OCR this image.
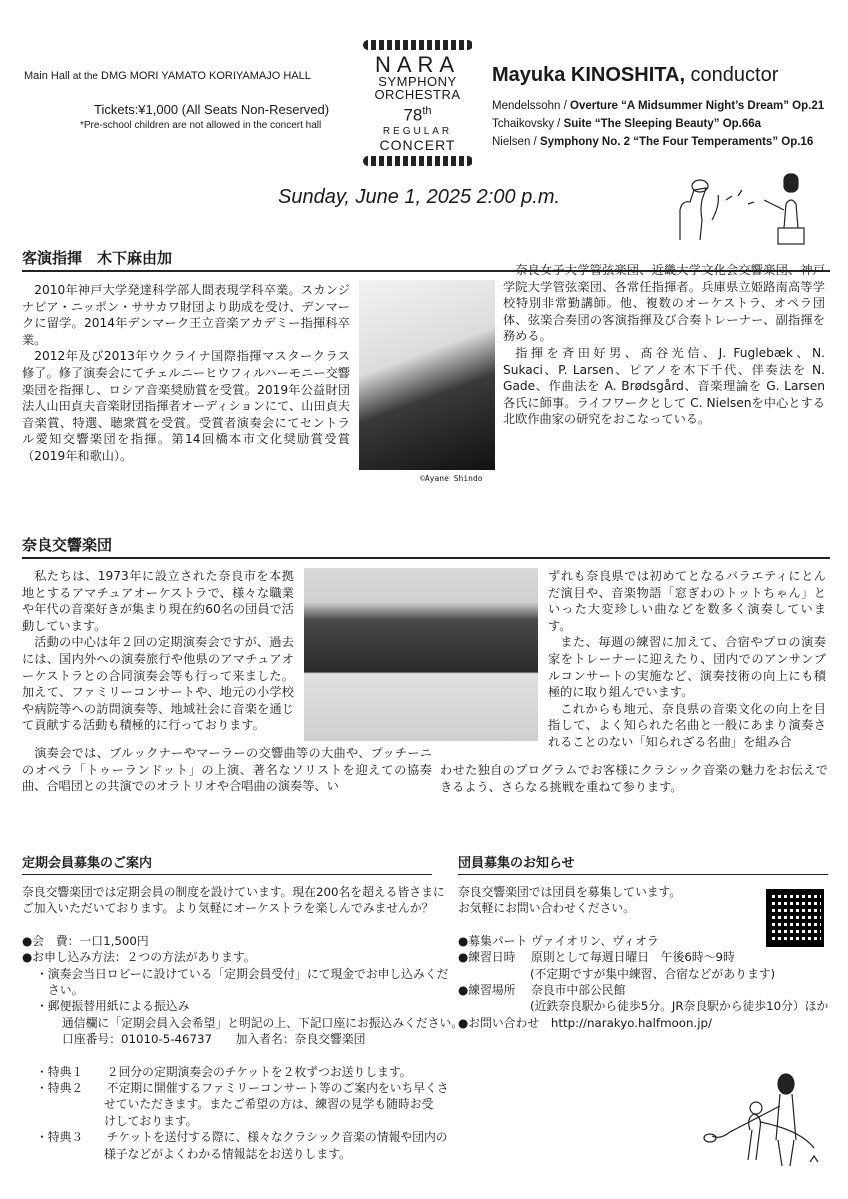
Main Hall at the DMG MORI YAMATO KORIYAMAJO HALL
Tickets:¥1,000 (All Seats Non-Reserved)
*Pre-school children are not allowed in the concert hall
NARA
SYMPHONY
ORCHESTRA
78th
REGULAR
CONCERT
Mayuka KINOSHITA, conductor
Mendelssohn / Overture “A Midsummer Night’s Dream” Op.21
Tchaikovsky / Suite “The Sleeping Beauty” Op.66a
Nielsen / Symphony No. 2 “The Four Temperaments” Op.16
Sunday, June 1, 2025 2:00 p.m.
客演指揮　木下麻由加

2010年神戸大学発達科学部人間表現学科卒業。スカンジナビア・ニッポン・ササカワ財団より助成を受け、デンマークに留学。2014年デンマーク王立音楽アカデミー指揮科卒業。

2012年及び2013年ウクライナ国際指揮マスタークラス修了。修了演奏会にてチェルニーヒウフィルハーモニー交響楽団を指揮し、ロシア音楽奨励賞を受賞。2019年公益財団法人山田貞夫音楽財団指揮者オーディションにて、山田貞夫音楽賞、特選、聴衆賞を受賞。受賞者演奏会にてセントラル愛知交響楽団を指揮。第14回橋本市文化奨励賞受賞（2019年和歌山）。

©Ayane Shindo

奈良女子大学管弦楽団、近畿大学文化会交響楽団、神戸学院大学管弦楽団、各常任指揮者。兵庫県立姫路南高等学校特別非常勤講師。他、複数のオーケストラ、オペラ団体、弦楽合奏団の客演指揮及び合奏トレーナー、副指揮を務める。

指揮を斉田好男、髙谷光信、J. Fuglebæk、N. Sukaci、P. Larsen、ピアノを木下千代、伴奏法を N. Gade、作曲法を A. Brødsgård、音楽理論を G. Larsen各氏に師事。ライフワークとして C. Nielsenを中心とする北欧作曲家の研究をおこなっている。

奈良交響楽団

私たちは、1973年に設立された奈良市を本拠地とするアマチュアオーケストラで、様々な職業や年代の音楽好きが集まり現在約60名の団員で活動しています。

活動の中心は年２回の定期演奏会ですが、過去には、国内外への演奏旅行や他県のアマチュアオーケストラとの合同演奏会等も行って来ました。加えて、ファミリーコンサートや、地元の小学校や病院等への訪問演奏等、地域社会に音楽を通じて貢献する活動も積極的に行っております。

ずれも奈良県では初めてとなるバラエティにとんだ演目や、音楽物語「窓ぎわのトットちゃん」といった大変珍しい曲などを数多く演奏しています。

また、毎週の練習に加えて、合宿やプロの演奏家をトレーナーに迎えたり、団内でのアンサンブルコンサートの実施など、演奏技術の向上にも積極的に取り組んでいます。

これからも地元、奈良県の音楽文化の向上を目指して、よく知られた名曲と一般にあまり演奏されることのない「知られざる名曲」を組み合

演奏会では、ブルックナーやマーラーの交響曲等の大曲や、プッチーニのオペラ「トゥーランドット」の上演、著名なソリストを迎えての協奏曲、合唱団との共演でのオラトリオや合唱曲の演奏等、い

わせた独自のプログラムでお客様にクラシック音楽の魅力をお伝えできるよう、さらなる挑戦を重ねて参ります。

定期会員募集のご案内
奈良交響楽団では定期会員の制度を設けています。現在200名を超える皆さまに
ご加入いただいております。より気軽にオーケストラを楽しんでみませんか？
●会　費：一口1,500円
●お申し込み方法：２つの方法があります。
・演奏会当日ロビーに設けている「定期会員受付」にて現金でお申し込みくだ
さい。
・郵便振替用紙による振込み
通信欄に「定期会員入会希望」と明記の上、下記口座にお振込みください。
口座番号：01010-5-46737　　加入者名：奈良交響楽団
・特典１　　２回分の定期演奏会のチケットを２枚ずつお送りします。
・特典２　　不定期に開催するファミリーコンサート等のご案内をいち早くさ
せていただきます。またご希望の方は、練習の見学も随時お受
けしております。
・特典３　　チケットを送付する際に、様々なクラシック音楽の情報や団内の
様子などがよくわかる情報誌をお送りします。
団員募集のお知らせ
奈良交響楽団では団員を募集しています。
お気軽にお問い合わせください。
●募集パート ヴァイオリン、ヴィオラ
●練習日時　 原則として毎週日曜日　午後6時〜9時
(不定期ですが集中練習、合宿などがあります)
●練習場所　 奈良市中部公民館
(近鉄奈良駅から徒歩5分。JR奈良駅から徒歩10分）ほか
●お問い合わせ　http://narakyo.halfmoon.jp/
